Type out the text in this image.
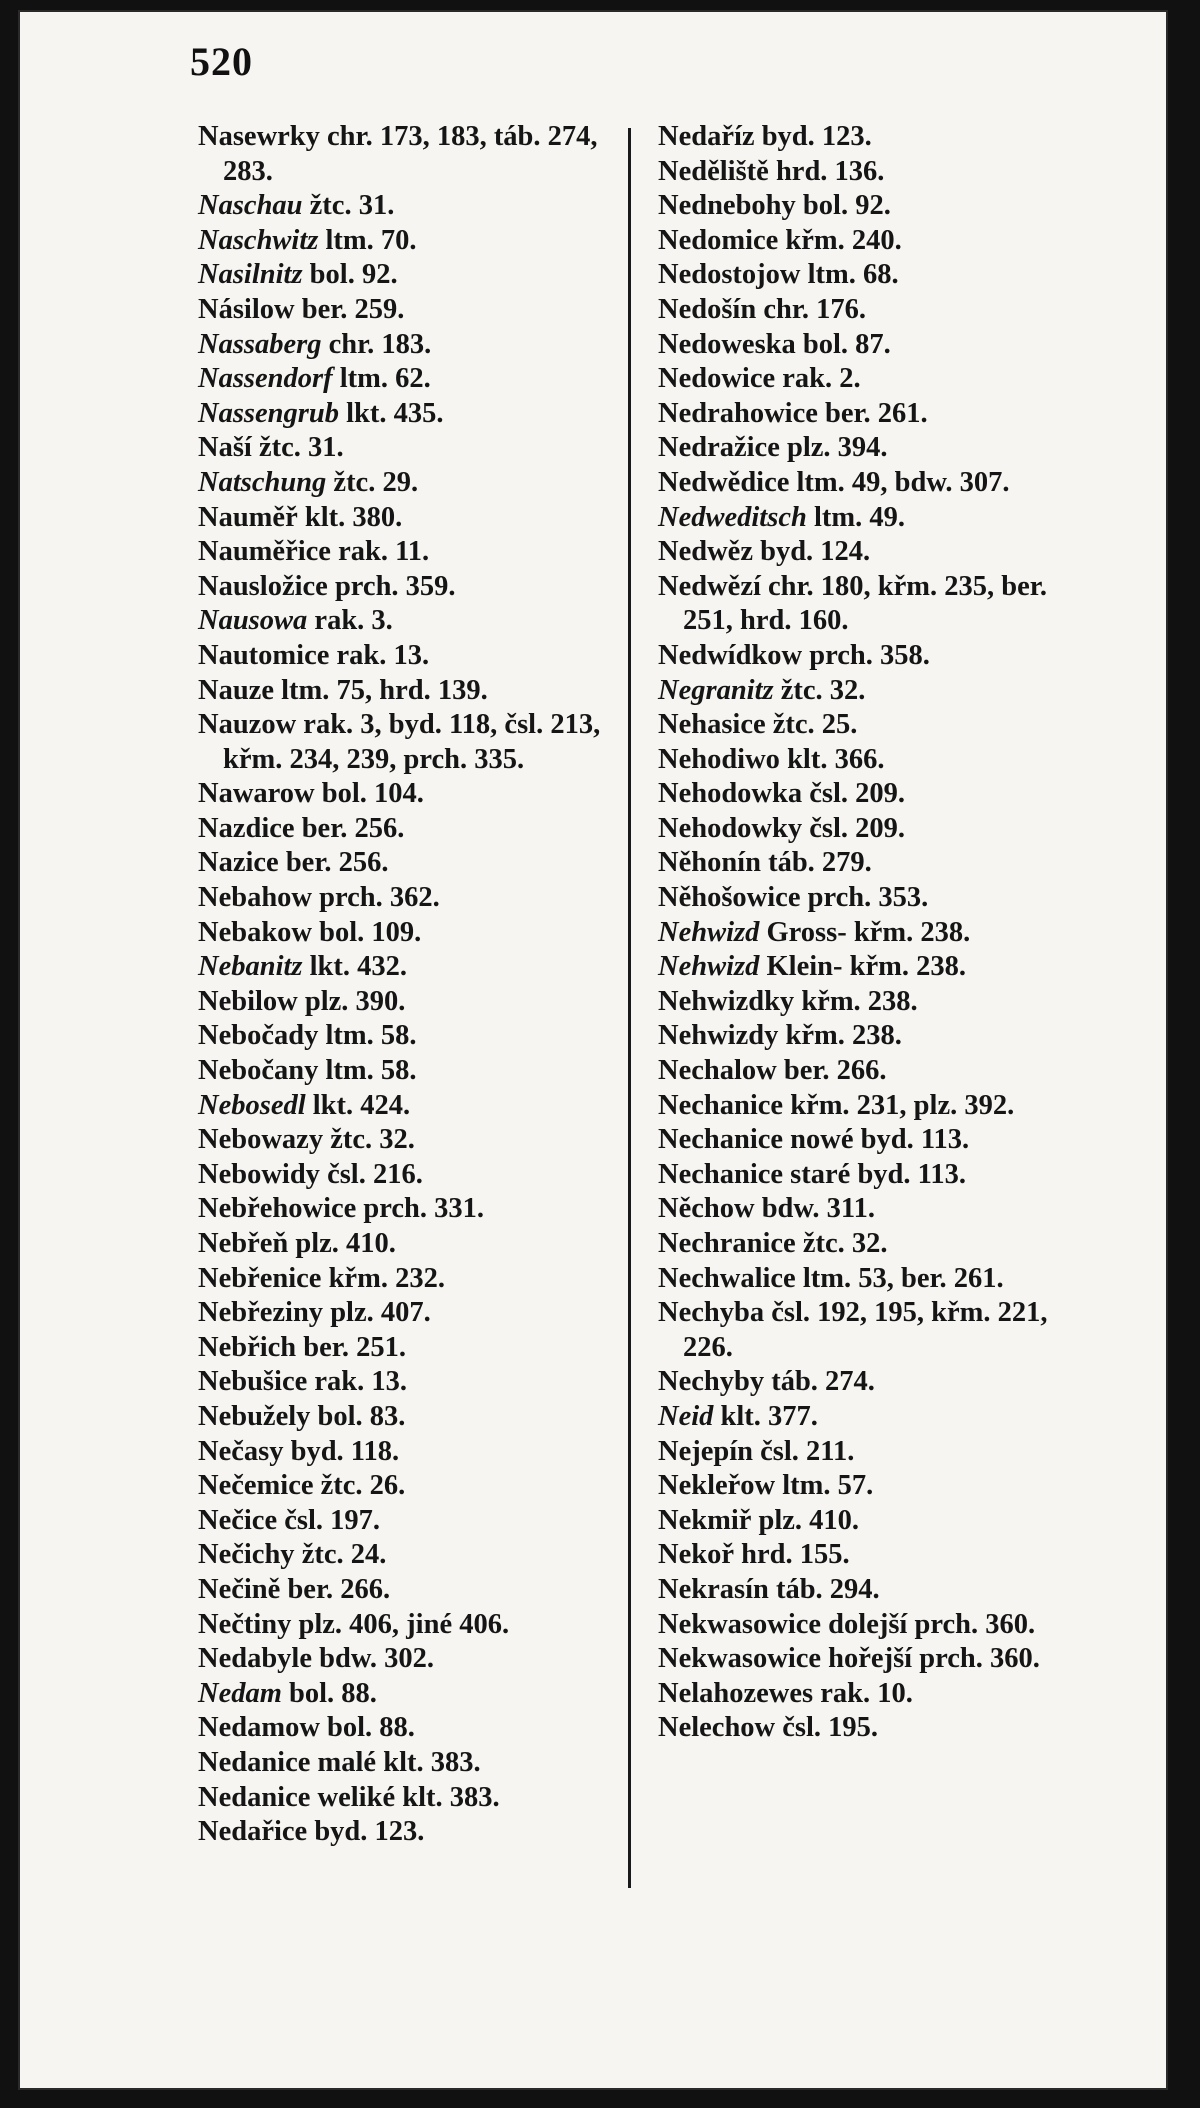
520
Nasewrky chr. 173, 183, táb. 274, 283.
Naschau žtc. 31.
Naschwitz ltm. 70.
Nasilnitz bol. 92.
Násilow ber. 259.
Nassaberg chr. 183.
Nassendorf ltm. 62.
Nassengrub lkt. 435.
Naší žtc. 31.
Natschung žtc. 29.
Nauměř klt. 380.
Nauměřice rak. 11.
Nausložice prch. 359.
Nausowa rak. 3.
Nautomice rak. 13.
Nauze ltm. 75, hrd. 139.
Nauzow rak. 3, byd. 118, čsl. 213, křm. 234, 239, prch. 335.
Nawarow bol. 104.
Nazdice ber. 256.
Nazice ber. 256.
Nebahow prch. 362.
Nebakow bol. 109.
Nebanitz lkt. 432.
Nebilow plz. 390.
Nebočady ltm. 58.
Nebočany ltm. 58.
Nebosedl lkt. 424.
Nebowazy žtc. 32.
Nebowidy čsl. 216.
Nebřehowice prch. 331.
Nebřeň plz. 410.
Nebřenice křm. 232.
Nebřeziny plz. 407.
Nebřich ber. 251.
Nebušice rak. 13.
Nebužely bol. 83.
Nečasy byd. 118.
Nečemice žtc. 26.
Nečice čsl. 197.
Nečichy žtc. 24.
Nečině ber. 266.
Nečtiny plz. 406, jiné 406.
Nedabyle bdw. 302.
Nedam bol. 88.
Nedamow bol. 88.
Nedanice malé klt. 383.
Nedanice weliké klt. 383.
Nedařice byd. 123.
Nedaříz byd. 123.
Neděliště hrd. 136.
Nednebohy bol. 92.
Nedomice křm. 240.
Nedostojow ltm. 68.
Nedošín chr. 176.
Nedoweska bol. 87.
Nedowice rak. 2.
Nedrahowice ber. 261.
Nedražice plz. 394.
Nedwědice ltm. 49, bdw. 307.
Nedweditsch ltm. 49.
Nedwěz byd. 124.
Nedwězí chr. 180, křm. 235, ber. 251, hrd. 160.
Nedwídkow prch. 358.
Negranitz žtc. 32.
Nehasice žtc. 25.
Nehodiwo klt. 366.
Nehodowka čsl. 209.
Nehodowky čsl. 209.
Něhonín táb. 279.
Něhošowice prch. 353.
Nehwizd Gross- křm. 238.
Nehwizd Klein- křm. 238.
Nehwizdky křm. 238.
Nehwizdy křm. 238.
Nechalow ber. 266.
Nechanice křm. 231, plz. 392.
Nechanice nowé byd. 113.
Nechanice staré byd. 113.
Něchow bdw. 311.
Nechranice žtc. 32.
Nechwalice ltm. 53, ber. 261.
Nechyba čsl. 192, 195, křm. 221, 226.
Nechyby táb. 274.
Neid klt. 377.
Nejepín čsl. 211.
Nekleřow ltm. 57.
Nekmiř plz. 410.
Nekoř hrd. 155.
Nekrasín táb. 294.
Nekwasowice dolejší prch. 360.
Nekwasowice hořejší prch. 360.
Nelahozewes rak. 10.
Nelechow čsl. 195.
